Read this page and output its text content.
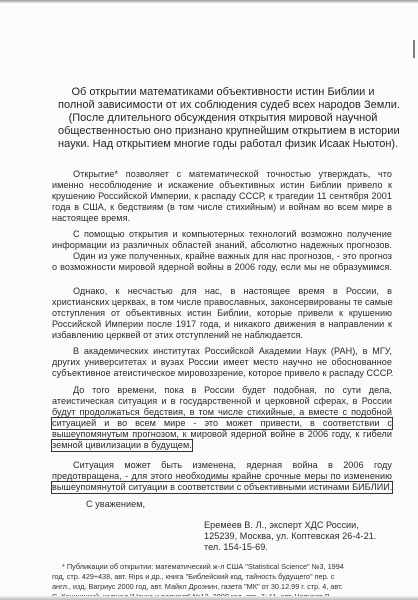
Об открытии математиками объективности истин Библии и

полной зависимости от их соблюдения судеб всех народов Земли.

(После длительного обсуждения открытия мировой научной

общественностью оно признано крупнейшим открытием в истории

науки. Над открытием многие годы работал физик Исаак Ньютон).

Открытие* позволяет с математической точностью утверждать, что

именно несоблюдение и искажение объективных истин Библии привело к

крушению Российской Империи, к распаду СССР, к трагедии 11 сентября 2001

года в США, к бедствиям (в том числе стихийным) и войнам во всем мире в

настоящее время.

С помощью открытия и компьютерных технологий возможно получение

информации из различных областей знаний, абсолютно надежных прогнозов.

Один из уже полученных, крайне важных для нас прогнозов, - это прогноз

о возможности мировой ядерной войны в 2006 году, если мы не образумимся.

Однако, к несчастью для нас, в настоящее время в России, в

христианских церквах, в том числе православных, законсервированы те самые

отступления от объективных истин Библии, которые привели к крушению

Российской Империи после 1917 года, и никакого движения в направлении к

избавлению церквей от этих отступлений не наблюдается.

В академических институтах Российской Академии Наук (РАН), в МГУ,

других университетах и вузах России имеет место научно не обоснованное

субъективное атеистическое мировоззрение, которое привело к распаду СССР.

До того времени, пока в России будет подобная, по сути дела,

атеистическая ситуация и в государственной и церковной сферах, в России

будут продолжаться бедствия, в том числе стихийные, а вместе с подобной

ситуацией и во всем мире - это может привести, в соответствии с

вышеупомянутым прогнозом, к мировой ядерной войне в 2006 году, к гибели

земной цивилизации в будущем.

Ситуация может быть изменена, ядерная война в 2006 году

предотвращена, - для этого необходимы крайне срочные меры по изменению

вышеупомянутой ситуации в соответствии с объективными истинами БИБЛИИ.

С уважением,

Еремеев В. Л., эксперт ХДС России,

125239, Москва, ул. Коптевская 26-4-21.

тел. 154-15-69.

* Публикации об открытии: математический ж-л США "Statistical Science" №3, 1994

год, стр. 429÷438, авт. Rips и др., книга "Библейский код, тайность будущего" пер. с

англ., изд. Вагриус 2000 год, авт. Майкл Дрознин, газета "МК" от 30.12.99 г. стр. 4, авт.
